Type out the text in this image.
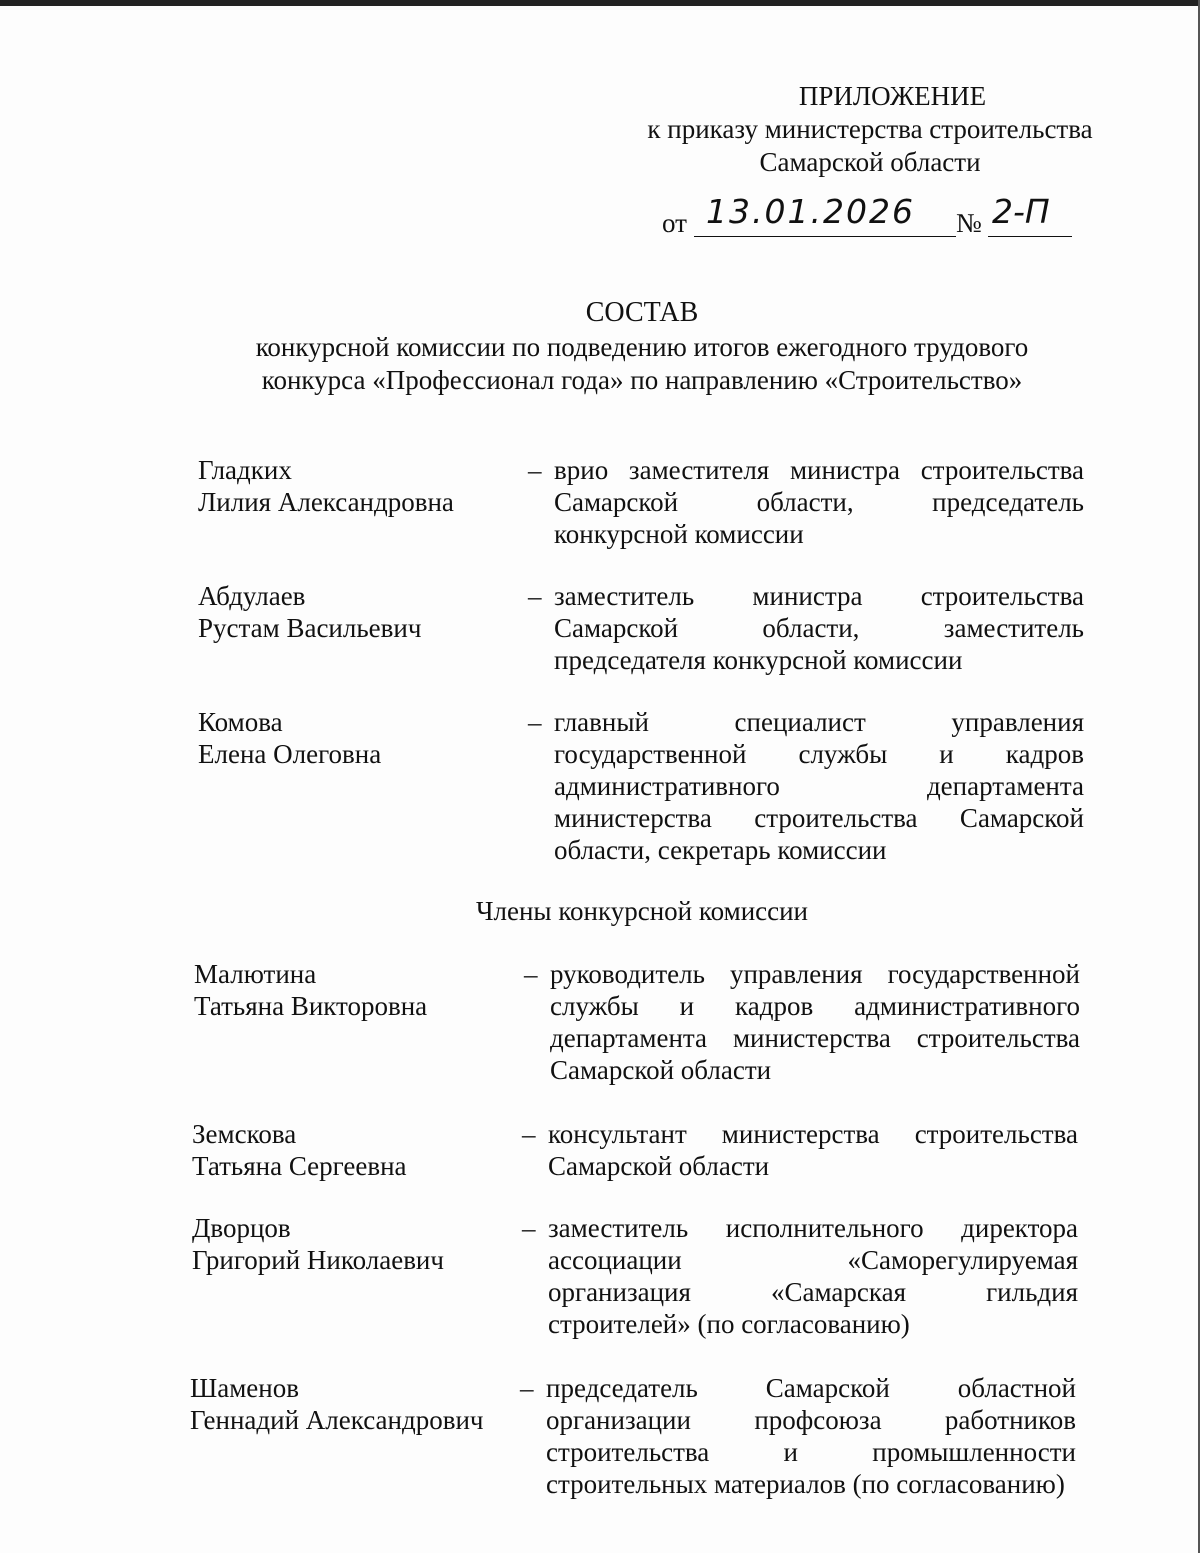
ПРИЛОЖЕНИЕ
к приказу министерства строительства
Самарской области
от 13.01.2026 № 2-П
СОСТАВ
конкурсной комиссии по подведению итогов ежегодного трудового
конкурса «Профессионал года» по направлению «Строительство»
Гладких
Лилия Александровна
– врио заместителя министра строительства
Самарской области, председатель
конкурсной комиссии
Абдулаев
Рустам Васильевич
– заместитель министра строительства
Самарской области, заместитель
председателя конкурсной комиссии
Комова
Елена Олеговна
– главный специалист управления
государственной службы и кадров
административного департамента
министерства строительства Самарской
области, секретарь комиссии
Члены конкурсной комиссии
Малютина
Татьяна Викторовна
– руководитель управления государственной
службы и кадров административного
департамента министерства строительства
Самарской области
Земскова
Татьяна Сергеевна
– консультант министерства строительства
Самарской области
Дворцов
Григорий Николаевич
– заместитель исполнительного директора
ассоциации «Саморегулируемая
организация «Самарская гильдия
строителей» (по согласованию)
Шаменов
Геннадий Александрович
– председатель Самарской областной
организации профсоюза работников
строительства и промышленности
строительных материалов (по согласованию)
